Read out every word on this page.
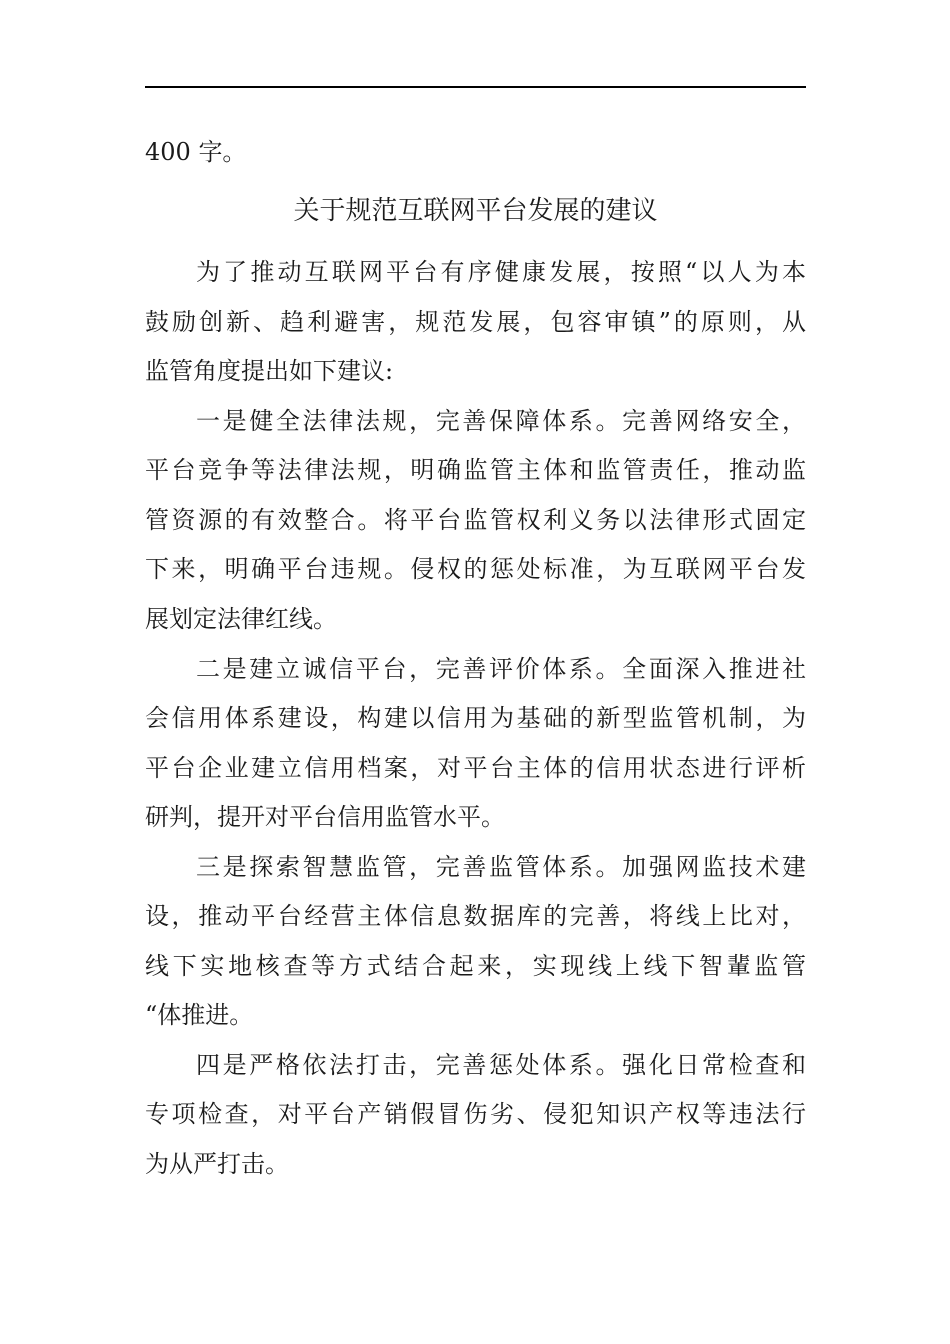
400 字。

关于规范互联网平台发展的建议

为了推动互联网平台有序健康发展，按照“以人为本

鼓励创新、趋利避害，规范发展，包容审镇”的原则，从

监管角度提出如下建议:

一是健全法律法规，完善保障体系。完善网络安全，

平台竞争等法律法规，明确监管主体和监管责任，推动监

管资源的有效整合。将平台监管权利义务以法律形式固定

下来，明确平台违规。侵权的惩处标准，为互联网平台发

展划定法律红线。

二是建立诚信平台，完善评价体系。全面深入推进社

会信用体系建设，构建以信用为基础的新型监管机制，为

平台企业建立信用档案，对平台主体的信用状态进行评析

研判，提开对平台信用监管水平。

三是探索智慧监管，完善监管体系。加强网监技术建

设，推动平台经营主体信息数据库的完善，将线上比对，

线下实地核查等方式结合起来，实现线上线下智輩监管

“体推进。

四是严格依法打击，完善惩处体系。强化日常检查和

专项检查，对平台产销假冒伤劣、侵犯知识产权等违法行

为从严打击。
